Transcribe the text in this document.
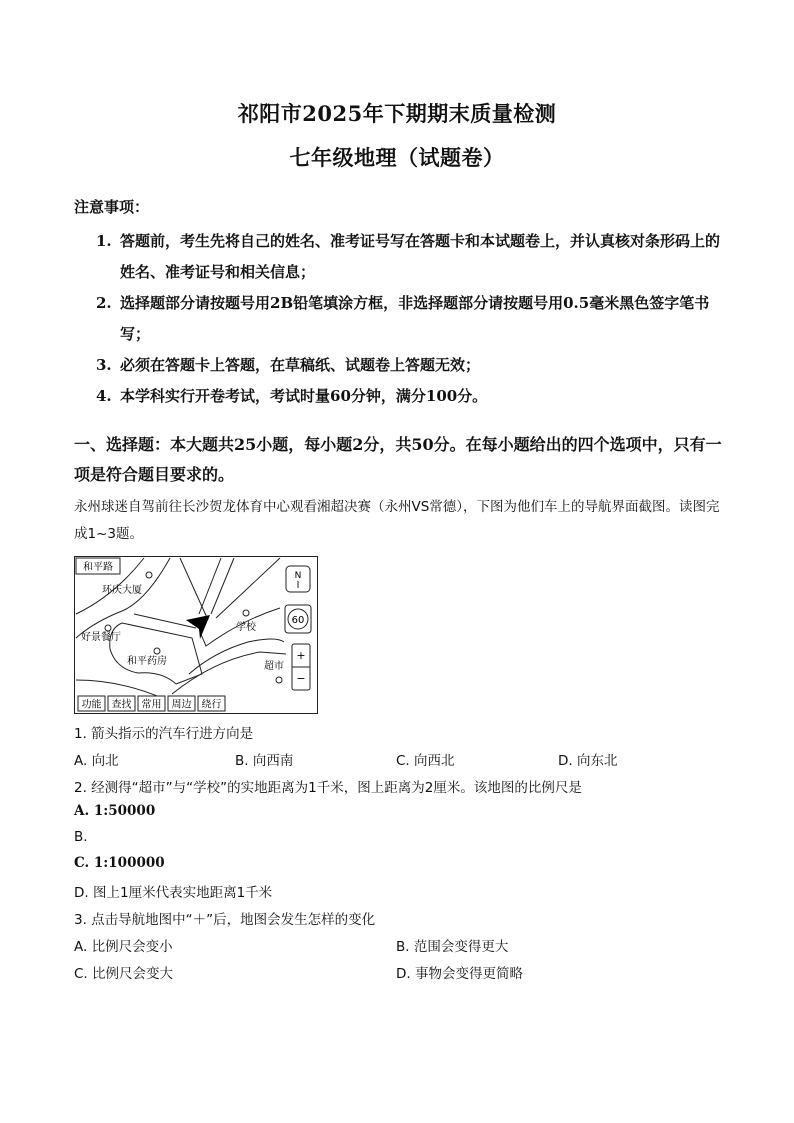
祁阳市2025年下期期末质量检测
七年级地理（试题卷）
注意事项：
1. 答题前，考生先将自己的姓名、准考证号写在答题卡和本试题卷上，并认真核对条形码上的姓名、准考证号和相关信息；
2. 选择题部分请按题号用2B铅笔填涂方框，非选择题部分请按题号用0.5毫米黑色签字笔书写；
3. 必须在答题卡上答题，在草稿纸、试题卷上答题无效；
4. 本学科实行开卷考试，考试时量60分钟，满分100分。
一、选择题：本大题共25小题，每小题2分，共50分。在每小题给出的四个选项中，只有一项是符合题目要求的。
永州球迷自驾前往长沙贺龙体育中心观看湘超决赛（永州VS常德），下图为他们车上的导航界面截图。读图完成1~3题。
和平路
环庆大厦
好景餐厅
和平药房
学校
超市
N
60
+
−
功能 查找 常用 周边 绕行
1. 箭头指示的汽车行进方向是
A. 向北	B. 向西南	C. 向西北	D. 向东北
2. 经测得“超市”与“学校”的实地距离为1千米，图上距离为2厘米。该地图的比例尺是
A. 1:50000
B.
C. 1:100000
D. 图上1厘米代表实地距离1千米
3. 点击导航地图中“＋”后，地图会发生怎样的变化
A. 比例尺会变小	B. 范围会变得更大
C. 比例尺会变大	D. 事物会变得更简略
